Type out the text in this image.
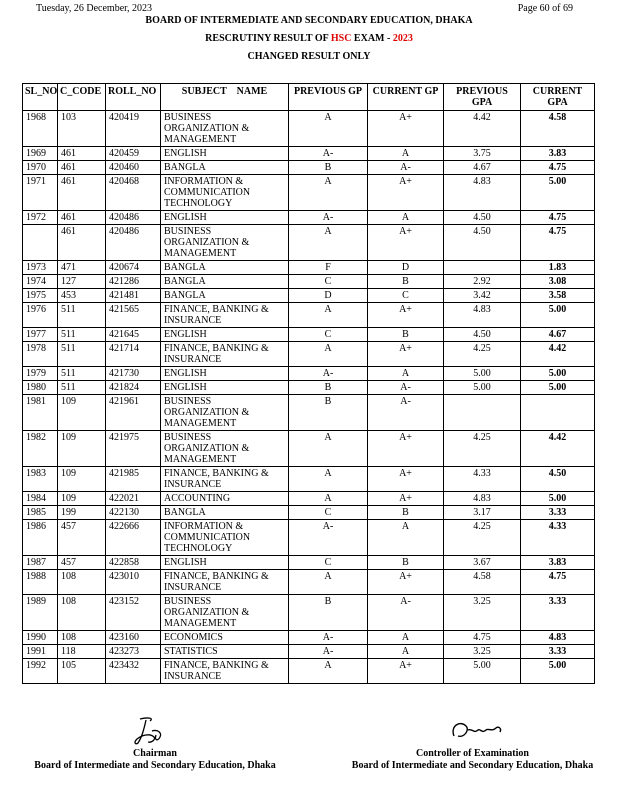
Tuesday, 26 December, 2023	Page 60 of 69
BOARD OF INTERMEDIATE AND SECONDARY EDUCATION, DHAKA
RESCRUTINY RESULT OF HSC EXAM - 2023
CHANGED RESULT ONLY
SL_NO	C_CODE	ROLL_NO	SUBJECT    NAME	PREVIOUS GP	CURRENT GP	PREVIOUS GPA	CURRENT GPA
1968	103	420419	BUSINESS ORGANIZATION & MANAGEMENT	A	A+	4.42	4.58
1969	461	420459	ENGLISH	A-	A	3.75	3.83
1970	461	420460	BANGLA	B	A-	4.67	4.75
1971	461	420468	INFORMATION & COMMUNICATION TECHNOLOGY	A	A+	4.83	5.00
1972	461	420486	ENGLISH	A-	A	4.50	4.75
	461	420486	BUSINESS ORGANIZATION & MANAGEMENT	A	A+	4.50	4.75
1973	471	420674	BANGLA	F	D		1.83
1974	127	421286	BANGLA	C	B	2.92	3.08
1975	453	421481	BANGLA	D	C	3.42	3.58
1976	511	421565	FINANCE, BANKING & INSURANCE	A	A+	4.83	5.00
1977	511	421645	ENGLISH	C	B	4.50	4.67
1978	511	421714	FINANCE, BANKING & INSURANCE	A	A+	4.25	4.42
1979	511	421730	ENGLISH	A-	A	5.00	5.00
1980	511	421824	ENGLISH	B	A-	5.00	5.00
1981	109	421961	BUSINESS ORGANIZATION & MANAGEMENT	B	A-		
1982	109	421975	BUSINESS ORGANIZATION & MANAGEMENT	A	A+	4.25	4.42
1983	109	421985	FINANCE, BANKING & INSURANCE	A	A+	4.33	4.50
1984	109	422021	ACCOUNTING	A	A+	4.83	5.00
1985	199	422130	BANGLA	C	B	3.17	3.33
1986	457	422666	INFORMATION & COMMUNICATION TECHNOLOGY	A-	A	4.25	4.33
1987	457	422858	ENGLISH	C	B	3.67	3.83
1988	108	423010	FINANCE, BANKING & INSURANCE	A	A+	4.58	4.75
1989	108	423152	BUSINESS ORGANIZATION & MANAGEMENT	B	A-	3.25	3.33
1990	108	423160	ECONOMICS	A-	A	4.75	4.83
1991	118	423273	STATISTICS	A-	A	3.25	3.33
1992	105	423432	FINANCE, BANKING & INSURANCE	A	A+	5.00	5.00
Chairman
Board of Intermediate and Secondary Education, Dhaka
Controller of Examination
Board of Intermediate and Secondary Education, Dhaka
